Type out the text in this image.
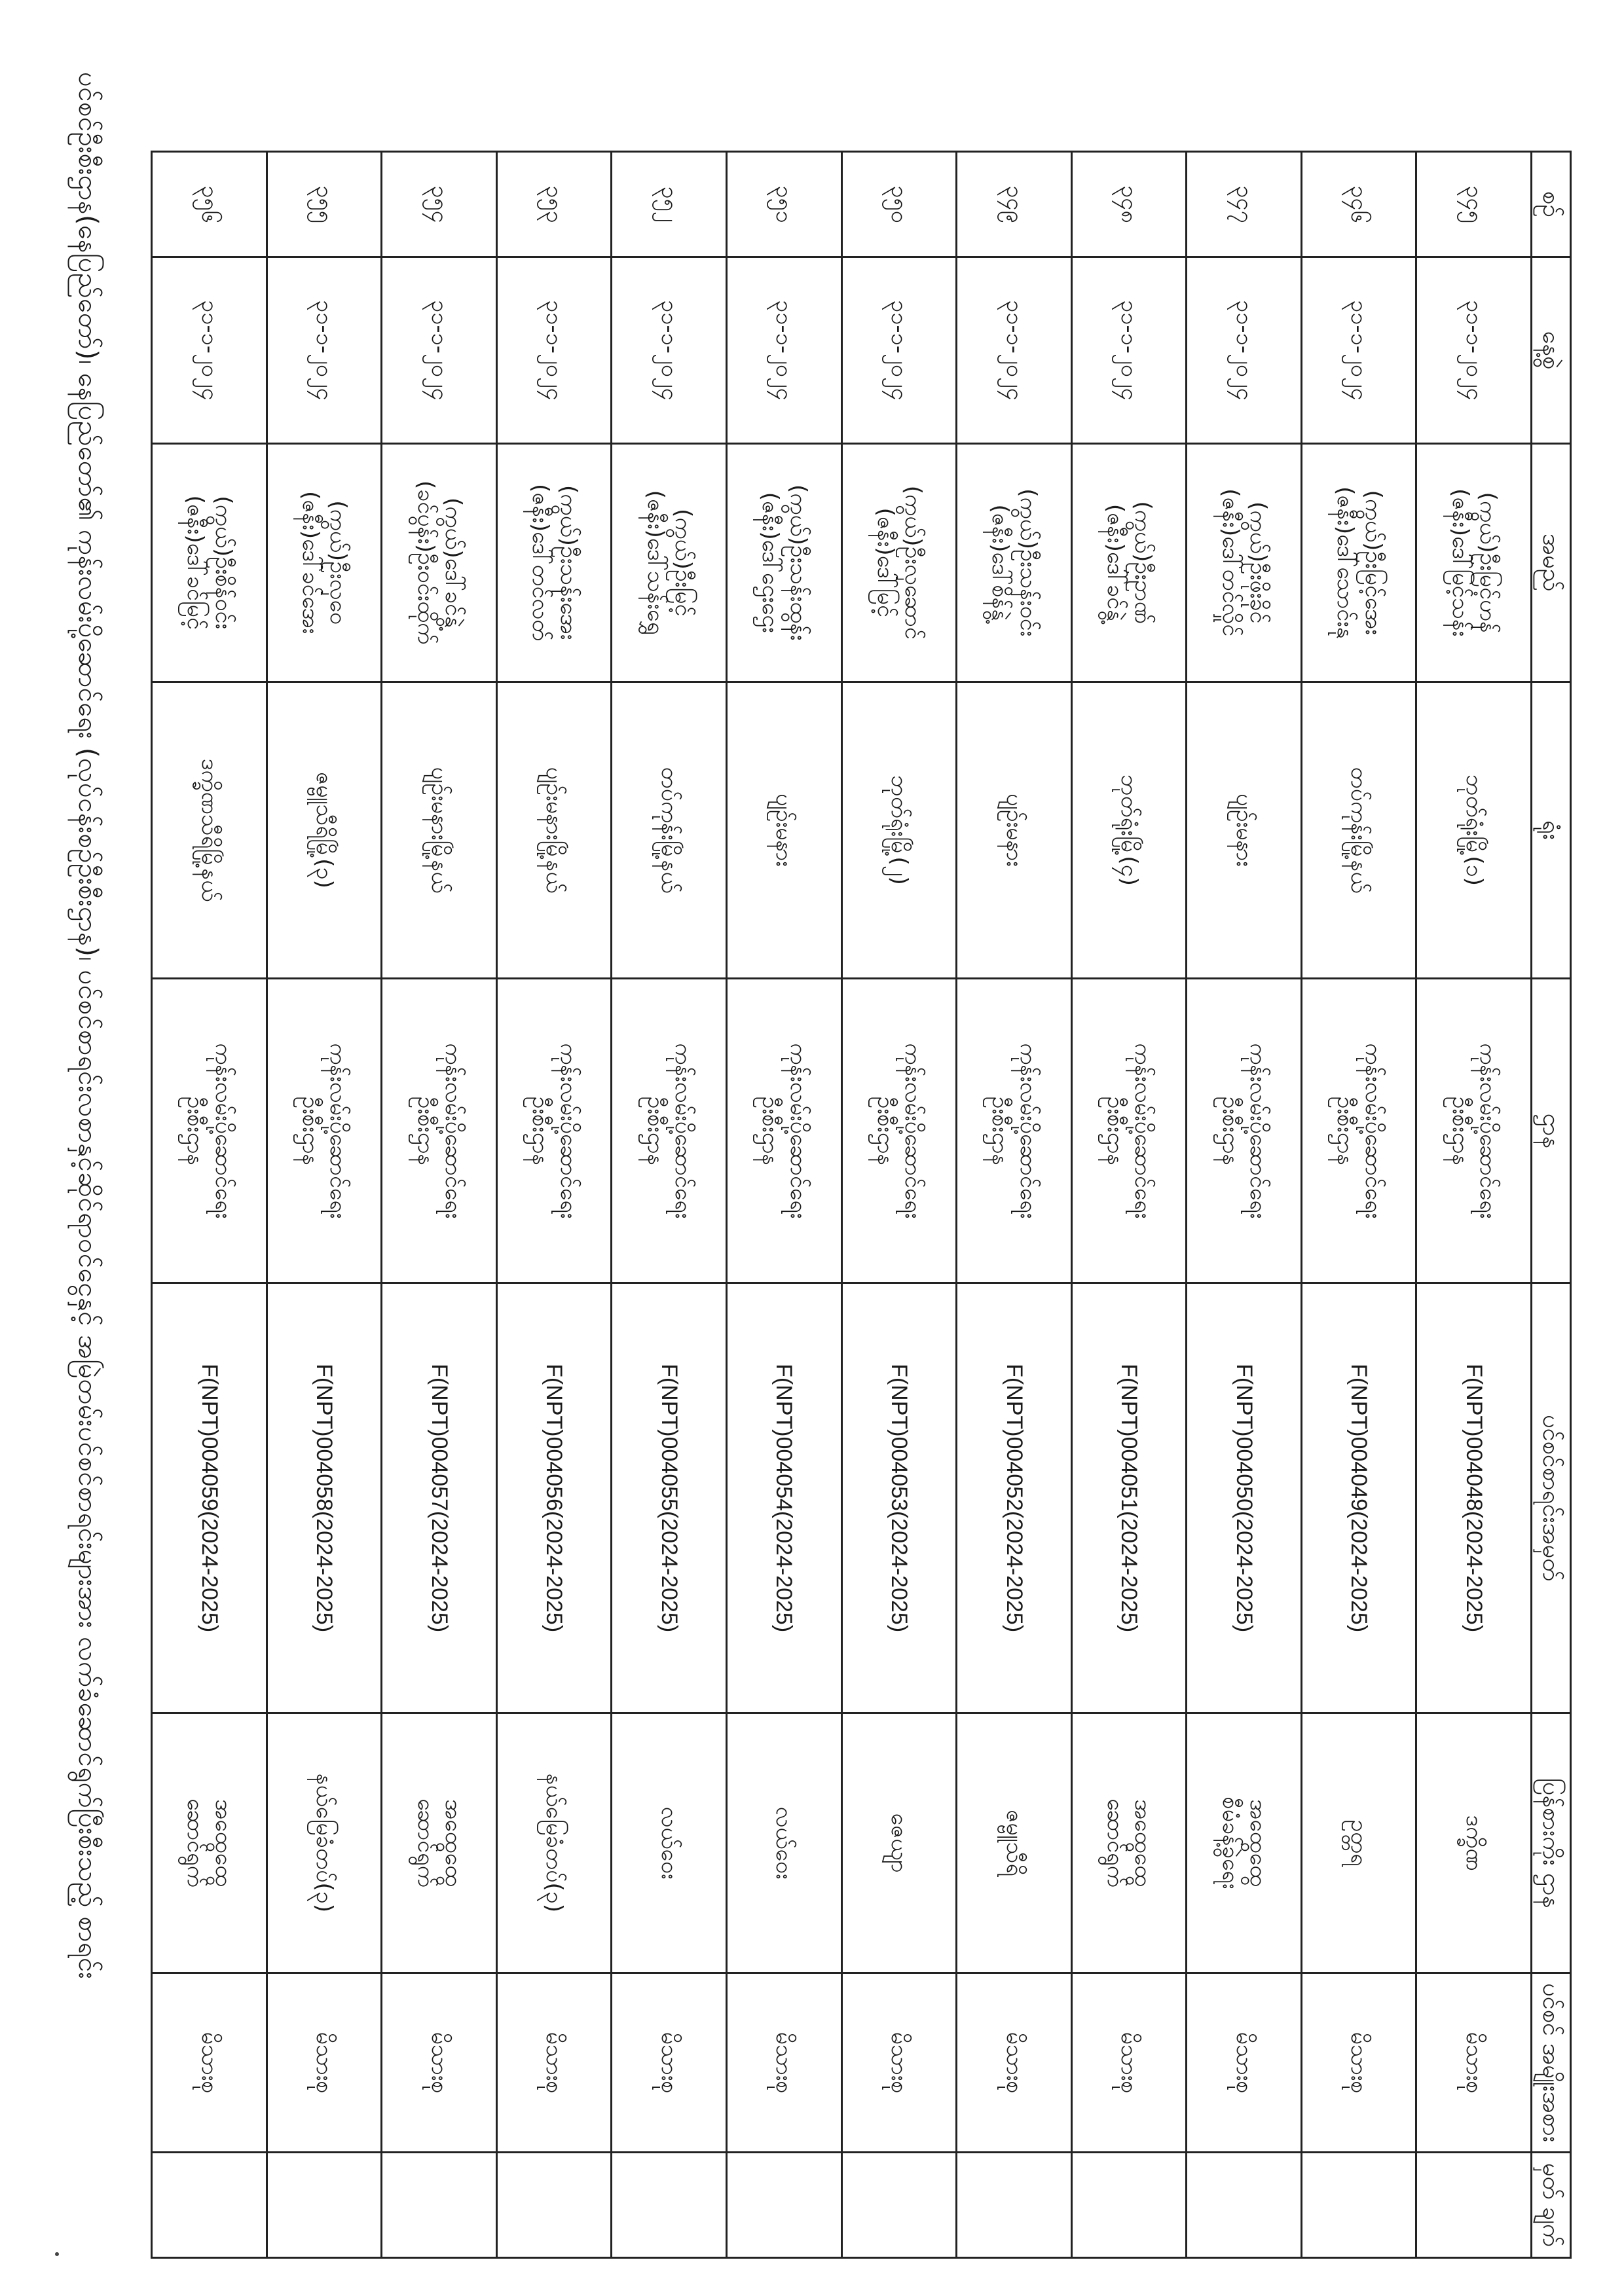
ပင်စင်ဦးစီးဌာန(နေပြည်တော်)၊ နေပြည်တော်၏ ကုန်းလမ်းပို့ဆောင်ရေး (လုပ်ငန်းစဉ်ဦးစီးဌာန)၊ ပင်စင်စာရင်းလစာနှင့်ဆိုင်ရာဝင်ငွေနှင့် အမြဲတမ်းပင်စင်စာရင်းများအား လက်ခံဆောင်ရွက်ပြီးစီးသည့် စာရင်း	စဉ်	နေ့စွဲ	အမည်	ရုံး	ဌာန	ပင်စင်စာရင်းအမှတ်	ပြန်စားကိုး ဌာန	ပင်စင် အမျိုးအစား	မှတ် ချက်

၃၄၅	၃၁-၁-၂၀၂၄	(ကွယ်)ဦးမြင့်ဟန်
(ဇနီး)ဒေါ်မြင့်သန်း	ဘုတ်ရုံးမြို့(၁)	ကုန်းလမ်းပို့ဆောင်ရေး
ဦးစီးဌာန	F(NPT)004048(2024-2025)	ဒက္ခိဏ	မိသားစု	

၃၄၆	၃၁-၁-၂၀၂၄	(ကွယ်)ဦးမြင့်အေး
(ဇနီး)ဒေါ်သောင်းနု	တပ်ကုန်းမြို့နယ်	ကုန်းလမ်းပို့ဆောင်ရေး
ဦးစီးဌာန	F(NPT)004049(2024-2025)	ဥတ္တရ	မိသားစု	

၃၄၇	၃၁-၁-၂၀၂၄	(ကွယ်)ဦးဖိုးခိုင်
(ဇနီး)ဒေါ်တင်လှိုင်	ပျဉ်းမနား	ကုန်းလမ်းပို့ဆောင်ရေး
ဦးစီးဌာန	F(NPT)004050(2024-2025)	အထွေထွေ
စီမံခန့်ခွဲရေး	မိသားစု	

၃၄၈	၃၁-၁-၂၀၂၄	(ကွယ်)ဦးဥာဏ်
(ဇနီး)ဒေါ်ခင်နွဲ့	ဘုတ်ရုံးမြို့(၄)	ကုန်းလမ်းပို့ဆောင်ရေး
ဦးစီးဌာန	F(NPT)004051(2024-2025)	အထွေထွေ
ဆောင်ရွက်	မိသားစု	

၃၄၉	၃၁-၁-၂၀၂၄	(ကွယ်)ဦးသန်းဝင်း
(ဇနီး)ဒေါ်စိန်နွဲ့	ပျဉ်းမနား	ကုန်းလမ်းပို့ဆောင်ရေး
ဦးစီးဌာန	F(NPT)004052(2024-2025)	ဇမ္ဗူသီရိ	မိသားစု	

၃၅၀	၃၁-၁-၂၀၂၄	(ကွယ်)ဦးလှဆောင်
(ဇနီး)ဒေါ်မြင့်	ဘုတ်ရုံးမြို့(၂)	ကုန်းလမ်းပို့ဆောင်ရေး
ဦးစီးဌာန	F(NPT)004053(2024-2025)	ဇေယျာ	မိသားစု	

၃၅၁	၃၁-၁-၂၀၂၄	(ကွယ်)ဦးသန်းထွန်း
(ဇနီး)ဒေါ်ဌေးဌေး	ပျဉ်းမနား	ကုန်းလမ်းပို့ဆောင်ရေး
ဦးစီးဌာန	F(NPT)004054(2024-2025)	လယ်ဝေး	မိသားစု	

၃၅၂	၃၁-၁-၂၀၂၄	(ကွယ်)ဦးမြင့်
(ဇနီး)ဒေါ်သန်းရွှေ	တပ်ကုန်းမြို့နယ်	ကုန်းလမ်းပို့ဆောင်ရေး
ဦးစီးဌာန	F(NPT)004055(2024-2025)	လယ်ဝေး	မိသားစု	

၃၅၃	၃၁-၁-၂၀၂၄	(ကွယ်)ဦးသန်းအေး
(ဇနီး)ဒေါ်တင်လတ်	ပျဉ်းမနားမြို့နယ်	ကုန်းလမ်းပို့ဆောင်ရေး
ဦးစီးဌာန	F(NPT)004056(2024-2025)	နယ်မြေခံတပ်(၃)	မိသားစု	

၃၅၄	၃၁-၁-၂၀၂၄	(ကွယ်)ဒေါ်ခင်နွဲ့
(ခင်ပွန်း)ဦးဝင်းထိုက်	ပျဉ်းမနားမြို့နယ်	ကုန်းလမ်းပို့ဆောင်ရေး
ဦးစီးဌာန	F(NPT)004057(2024-2025)	အထွေထွေ
ဆောင်ရွက်	မိသားစု	

၃၅၅	၃၁-၁-၂၀၂၄	(ကွယ်)ဦးလှဝေ
(ဇနီး)ဒေါ်ခင်အေး	ဇမ္ဗူသီရိမြို့(၃)	ကုန်းလမ်းပို့ဆောင်ရေး
ဦးစီးဌာန	F(NPT)004058(2024-2025)	နယ်မြေခံတပ်(၃)	မိသားစု	

၃၅၆	၃၁-၁-၂၀၂၄	(ကွယ်)ဦးစိန်ဝင်း
(ဇနီး)ဒေါ်ခင်မြင့်	ဒက္ခိဏသီရိမြို့နယ်	ကုန်းလမ်းပို့ဆောင်ရေး
ဦးစီးဌာန	F(NPT)004059(2024-2025)	အထွေထွေ
ဆောင်ရွက်	မိသားစု	
